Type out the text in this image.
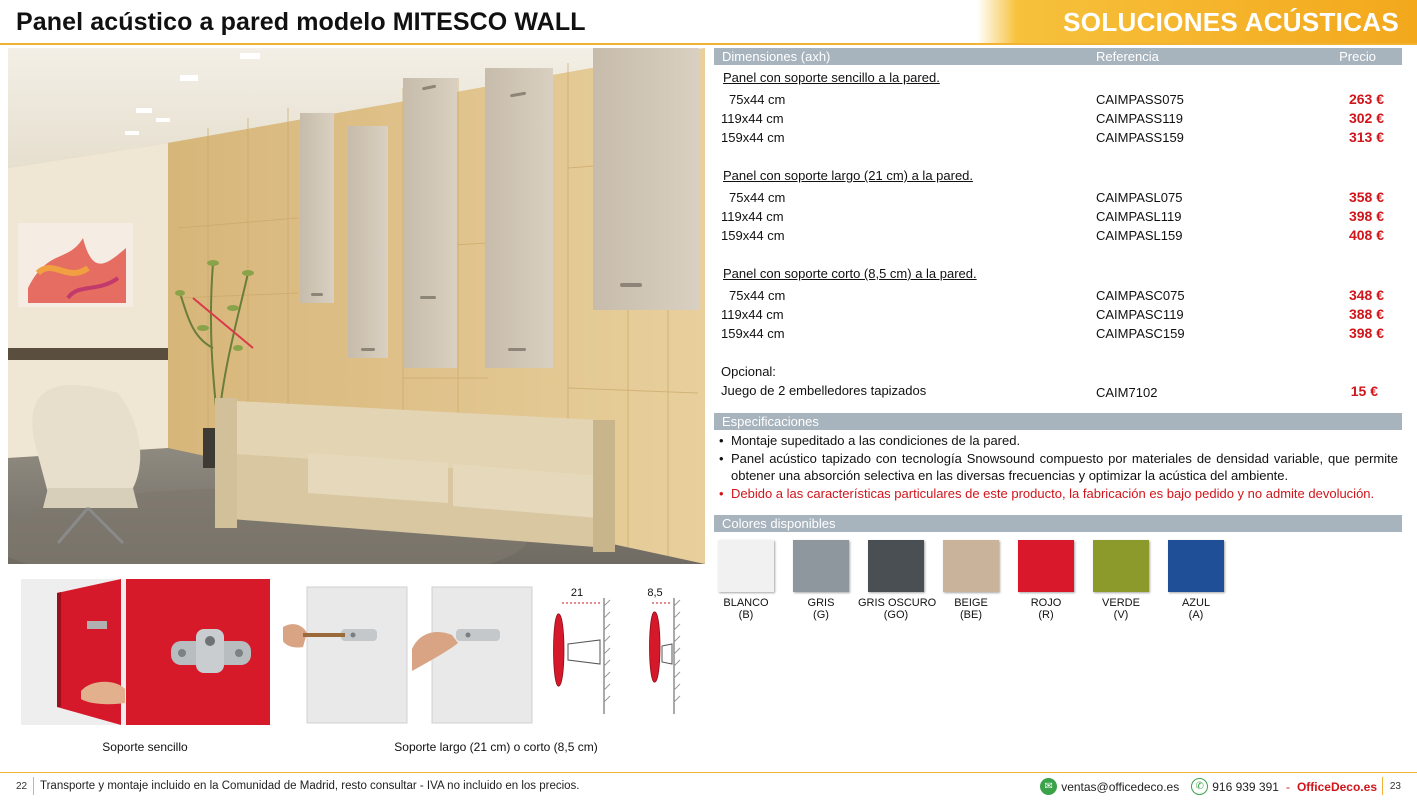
Panel acústico a pared modelo MITESCO WALL	SOLUCIONES ACÚSTICAS
Soporte sencillo	Soporte largo (21 cm) o corto (8,5 cm)
21	8,5
Dimensiones (axh)	Referencia	Precio
Panel con soporte sencillo a la pared.
75x44 cm	CAIMPASS075	263 €
119x44 cm	CAIMPASS119	302 €
159x44 cm	CAIMPASS159	313 €
Panel con soporte largo (21 cm) a la pared.
75x44 cm	CAIMPASL075	358 €
119x44 cm	CAIMPASL119	398 €
159x44 cm	CAIMPASL159	408 €
Panel con soporte corto (8,5 cm) a la pared.
75x44 cm	CAIMPASC075	348 €
119x44 cm	CAIMPASC119	388 €
159x44 cm	CAIMPASC159	398 €
Opcional:
Juego de 2 embelledores tapizados	CAIM7102	15 €
Especificaciones
• Montaje supeditado a las condiciones de la pared.
• Panel acústico tapizado con tecnología Snowsound compuesto por materiales de densidad variable, que permite obtener una absorción selectiva en las diversas frecuencias y optimizar la acústica del ambiente.
• Debido a las características particulares de este producto, la fabricación es bajo pedido y no admite devolución.
Colores disponibles
BLANCO
(B)
GRIS
(G)
GRIS OSCURO
(GO)
BEIGE
(BE)
ROJO
(R)
VERDE
(V)
AZUL
(A)
22 Transporte y montaje incluido en la Comunidad de Madrid, resto consultar - IVA no incluido en los precios.	✉ ventas@officedeco.es	✆ 916 939 391 - OfficeDeco.es 23
